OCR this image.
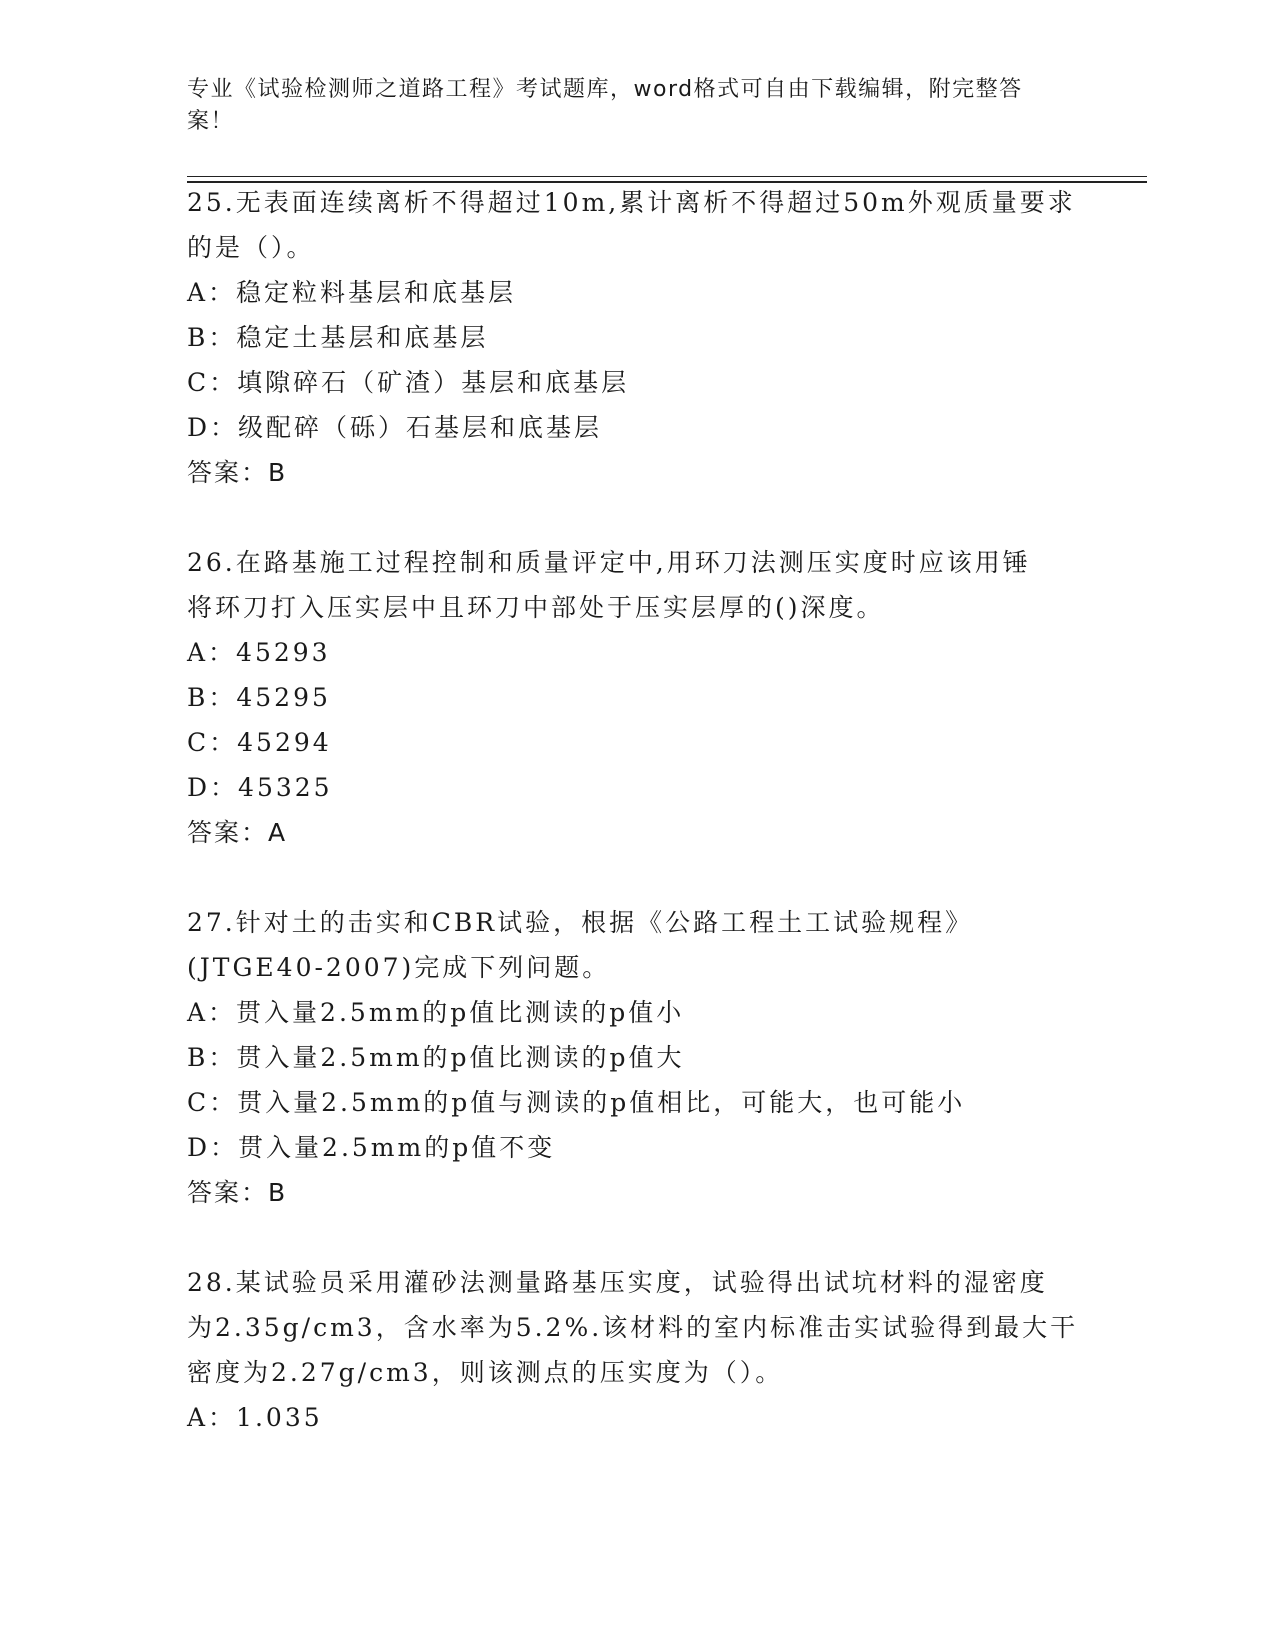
专业《试验检测师之道路工程》考试题库，word格式可自由下载编辑，附完整答案！
25.无表面连续离析不得超过10m,累计离析不得超过50m外观质量要求
的是（）。
A：稳定粒料基层和底基层
B：稳定土基层和底基层
C：填隙碎石（矿渣）基层和底基层
D：级配碎（砾）石基层和底基层
答案：B
26.在路基施工过程控制和质量评定中,用环刀法测压实度时应该用锤
将环刀打入压实层中且环刀中部处于压实层厚的()深度。
A：45293
B：45295
C：45294
D：45325
答案：A
27.针对土的击实和CBR试验，根据《公路工程土工试验规程》
(JTGE40-2007)完成下列问题。
A：贯入量2.5mm的p值比测读的p值小
B：贯入量2.5mm的p值比测读的p值大
C：贯入量2.5mm的p值与测读的p值相比，可能大，也可能小
D：贯入量2.5mm的p值不变
答案：B
28.某试验员采用灌砂法测量路基压实度，试验得出试坑材料的湿密度
为2.35g/cm3，含水率为5.2%.该材料的室内标准击实试验得到最大干
密度为2.27g/cm3，则该测点的压实度为（）。
A：1.035
